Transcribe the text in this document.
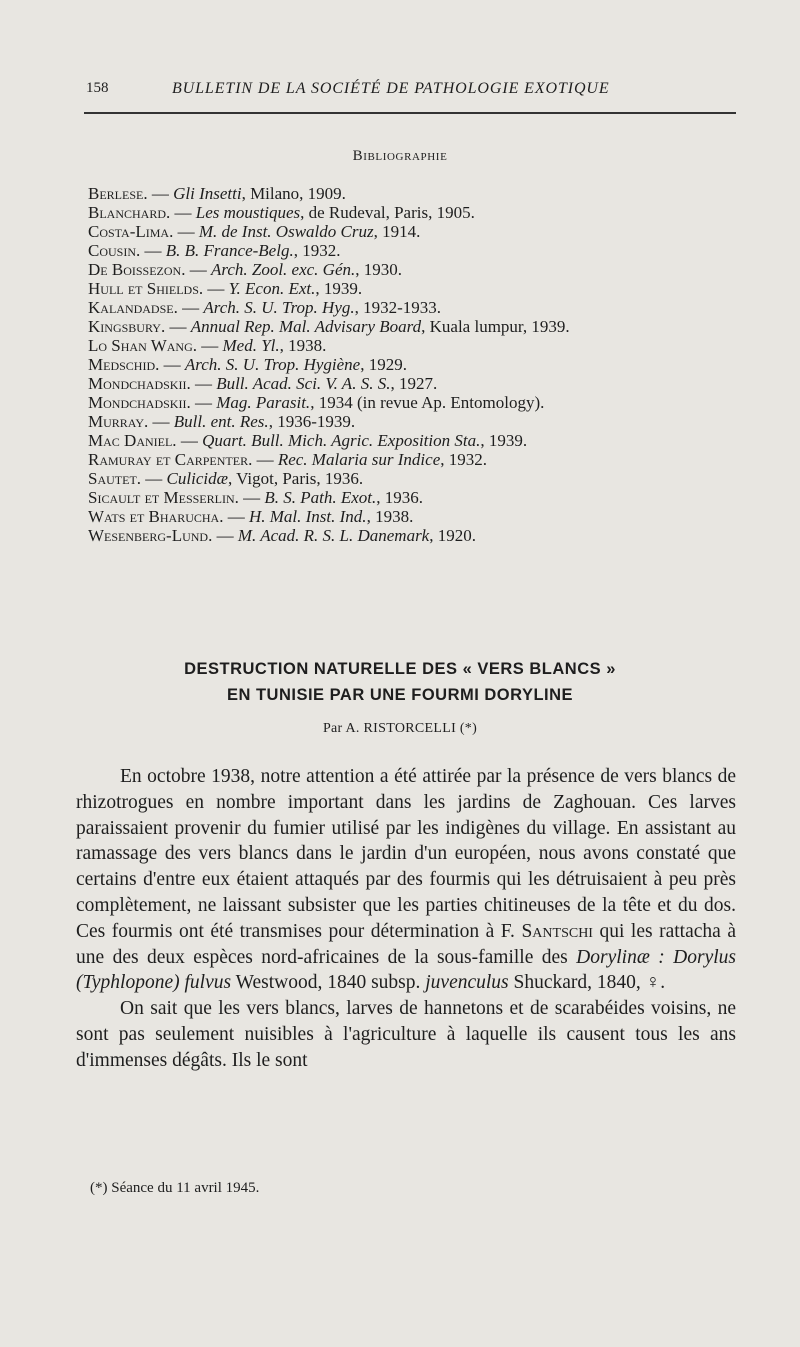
158	BULLETIN DE LA SOCIÉTÉ DE PATHOLOGIE EXOTIQUE
Bibliographie
Berlese. — Gli Insetti, Milano, 1909.
Blanchard. — Les moustiques, de Rudeval, Paris, 1905.
Costa-Lima. — M. de Inst. Oswaldo Cruz, 1914.
Cousin. — B. B. France-Belg., 1932.
De Boissezon. — Arch. Zool. exc. Gén., 1930.
Hull et Shields. — Y. Econ. Ext., 1939.
Kalandadse. — Arch. S. U. Trop. Hyg., 1932-1933.
Kingsbury. — Annual Rep. Mal. Advisary Board, Kuala lumpur, 1939.
Lo Shan Wang. — Med. Yl., 1938.
Medschid. — Arch. S. U. Trop. Hygiène, 1929.
Mondchadskii. — Bull. Acad. Sci. V. A. S. S., 1927.
Mondchadskii. — Mag. Parasit., 1934 (in revue Ap. Entomology).
Murray. — Bull. ent. Res., 1936-1939.
Mac Daniel. — Quart. Bull. Mich. Agric. Exposition Sta., 1939.
Ramuray et Carpenter. — Rec. Malaria sur Indice, 1932.
Sautet. — Culicidæ, Vigot, Paris, 1936.
Sicault et Messerlin. — B. S. Path. Exot., 1936.
Wats et Bharucha. — H. Mal. Inst. Ind., 1938.
Wesenberg-Lund. — M. Acad. R. S. L. Danemark, 1920.
DESTRUCTION NATURELLE DES « VERS BLANCS »
EN TUNISIE PAR UNE FOURMI DORYLINE
Par A. RISTORCELLI (*)

En octobre 1938, notre attention a été attirée par la présence de vers blancs de rhizotrogues en nombre important dans les jardins de Zaghouan. Ces larves paraissaient provenir du fumier utilisé par les indigènes du village. En assistant au ramassage des vers blancs dans le jardin d'un européen, nous avons constaté que certains d'entre eux étaient attaqués par des fourmis qui les détruisaient à peu près complètement, ne laissant subsister que les parties chitineuses de la tête et du dos. Ces fourmis ont été transmises pour détermination à F. Santschi qui les rattacha à une des deux espèces nord-africaines de la sous-famille des Dorylinæ : Dorylus (Typhlopone) fulvus Westwood, 1840 subsp. juvenculus Shuckard, 1840, ♀.

On sait que les vers blancs, larves de hannetons et de scarabéides voisins, ne sont pas seulement nuisibles à l'agriculture à laquelle ils causent tous les ans d'immenses dégâts. Ils le sont

(*) Séance du 11 avril 1945.
